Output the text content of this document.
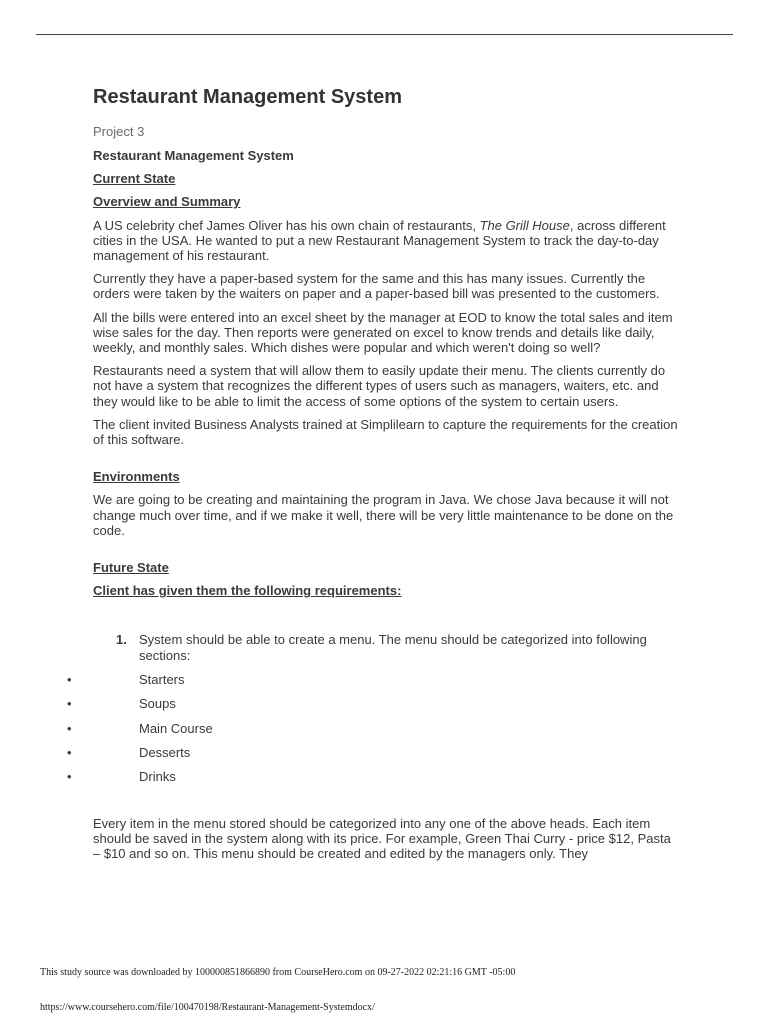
Restaurant Management System
Project 3

Restaurant Management System

Current State

Overview and Summary

A US celebrity chef James Oliver has his own chain of restaurants, The Grill House, across different cities in the USA. He wanted to put a new Restaurant Management System to track the day-to-day management of his restaurant.

Currently they have a paper-based system for the same and this has many issues. Currently the orders were taken by the waiters on paper and a paper-based bill was presented to the customers.

All the bills were entered into an excel sheet by the manager at EOD to know the total sales and item wise sales for the day. Then reports were generated on excel to know trends and details like daily, weekly, and monthly sales. Which dishes were popular and which weren't doing so well?

Restaurants need a system that will allow them to easily update their menu. The clients currently do not have a system that recognizes the different types of users such as managers, waiters, etc. and they would like to be able to limit the access of some options of the system to certain users.

The client invited Business Analysts trained at Simplilearn to capture the requirements for the creation of this software.

Environments

We are going to be creating and maintaining the program in Java. We chose Java because it will not change much over time, and if we make it well, there will be very little maintenance to be done on the code.

Future State

Client has given them the following requirements:

1. System should be able to create a menu. The menu should be categorized into following sections:
•	Starters
•	Soups
•	Main Course
•	Desserts
•	Drinks

Every item in the menu stored should be categorized into any one of the above heads. Each item should be saved in the system along with its price. For example, Green Thai Curry - price $12, Pasta – $10 and so on. This menu should be created and edited by the managers only. They

This study source was downloaded by 100000851866890 from CourseHero.com on 09-27-2022 02:21:16 GMT -05:00
https://www.coursehero.com/file/100470198/Restaurant-Management-Systemdocx/
